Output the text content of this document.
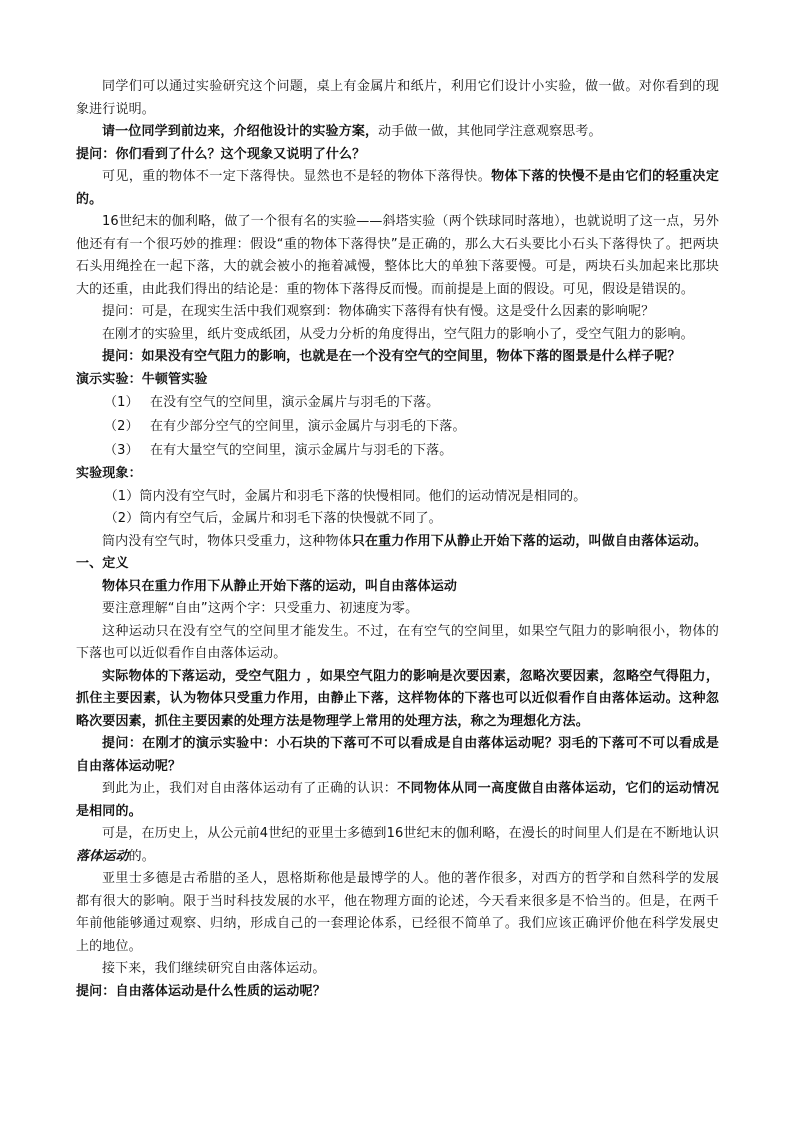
同学们可以通过实验研究这个问题，桌上有金属片和纸片，利用它们设计小实验，做一做。对你看到的现象进行说明。

请一位同学到前边来，介绍他设计的实验方案，动手做一做，其他同学注意观察思考。

提问：你们看到了什么？这个现象又说明了什么？

可见，重的物体不一定下落得快。显然也不是轻的物体下落得快。物体下落的快慢不是由它们的轻重决定的。

16世纪末的伽利略，做了一个很有名的实验——斜塔实验（两个铁球同时落地），也就说明了这一点，另外他还有有一个很巧妙的推理：假设“重的物体下落得快”是正确的，那么大石头要比小石头下落得快了。把两块石头用绳拴在一起下落，大的就会被小的拖着减慢，整体比大的单独下落要慢。可是，两块石头加起来比那块大的还重，由此我们得出的结论是：重的物体下落得反而慢。而前提是上面的假设。可见，假设是错误的。

提问：可是，在现实生活中我们观察到：物体确实下落得有快有慢。这是受什么因素的影响呢？

在刚才的实验里，纸片变成纸团，从受力分析的角度得出，空气阻力的影响小了，受空气阻力的影响。

提问：如果没有空气阻力的影响，也就是在一个没有空气的空间里，物体下落的图景是什么样子呢？

演示实验：牛顿管实验

（1） 在没有空气的空间里，演示金属片与羽毛的下落。
（2） 在有少部分空气的空间里，演示金属片与羽毛的下落。
（3） 在有大量空气的空间里，演示金属片与羽毛的下落。

实验现象：

（1）筒内没有空气时，金属片和羽毛下落的快慢相同。他们的运动情况是相同的。

（2）筒内有空气后，金属片和羽毛下落的快慢就不同了。

筒内没有空气时，物体只受重力，这种物体只在重力作用下从静止开始下落的运动，叫做自由落体运动。

一、定义

物体只在重力作用下从静止开始下落的运动，叫自由落体运动

要注意理解“自由”这两个字：只受重力、初速度为零。

这种运动只在没有空气的空间里才能发生。不过，在有空气的空间里，如果空气阻力的影响很小，物体的下落也可以近似看作自由落体运动。

实际物体的下落运动，受空气阻力 ，如果空气阻力的影响是次要因素，忽略次要因素，忽略空气得阻力，抓住主要因素，认为物体只受重力作用，由静止下落，这样物体的下落也可以近似看作自由落体运动。这种忽略次要因素，抓住主要因素的处理方法是物理学上常用的处理方法，称之为理想化方法。

提问：在刚才的演示实验中：小石块的下落可不可以看成是自由落体运动呢？羽毛的下落可不可以看成是自由落体运动呢？

到此为止，我们对自由落体运动有了正确的认识：不同物体从同一高度做自由落体运动，它们的运动情况是相同的。

可是，在历史上，从公元前4世纪的亚里士多德到16世纪末的伽利略，在漫长的时间里人们是在不断地认识落体运动的。

亚里士多德是古希腊的圣人，恩格斯称他是最博学的人。他的著作很多，对西方的哲学和自然科学的发展都有很大的影响。限于当时科技发展的水平，他在物理方面的论述，今天看来很多是不恰当的。但是，在两千年前他能够通过观察、归纳，形成自己的一套理论体系，已经很不简单了。我们应该正确评价他在科学发展史上的地位。

接下来，我们继续研究自由落体运动。

提问：自由落体运动是什么性质的运动呢？
